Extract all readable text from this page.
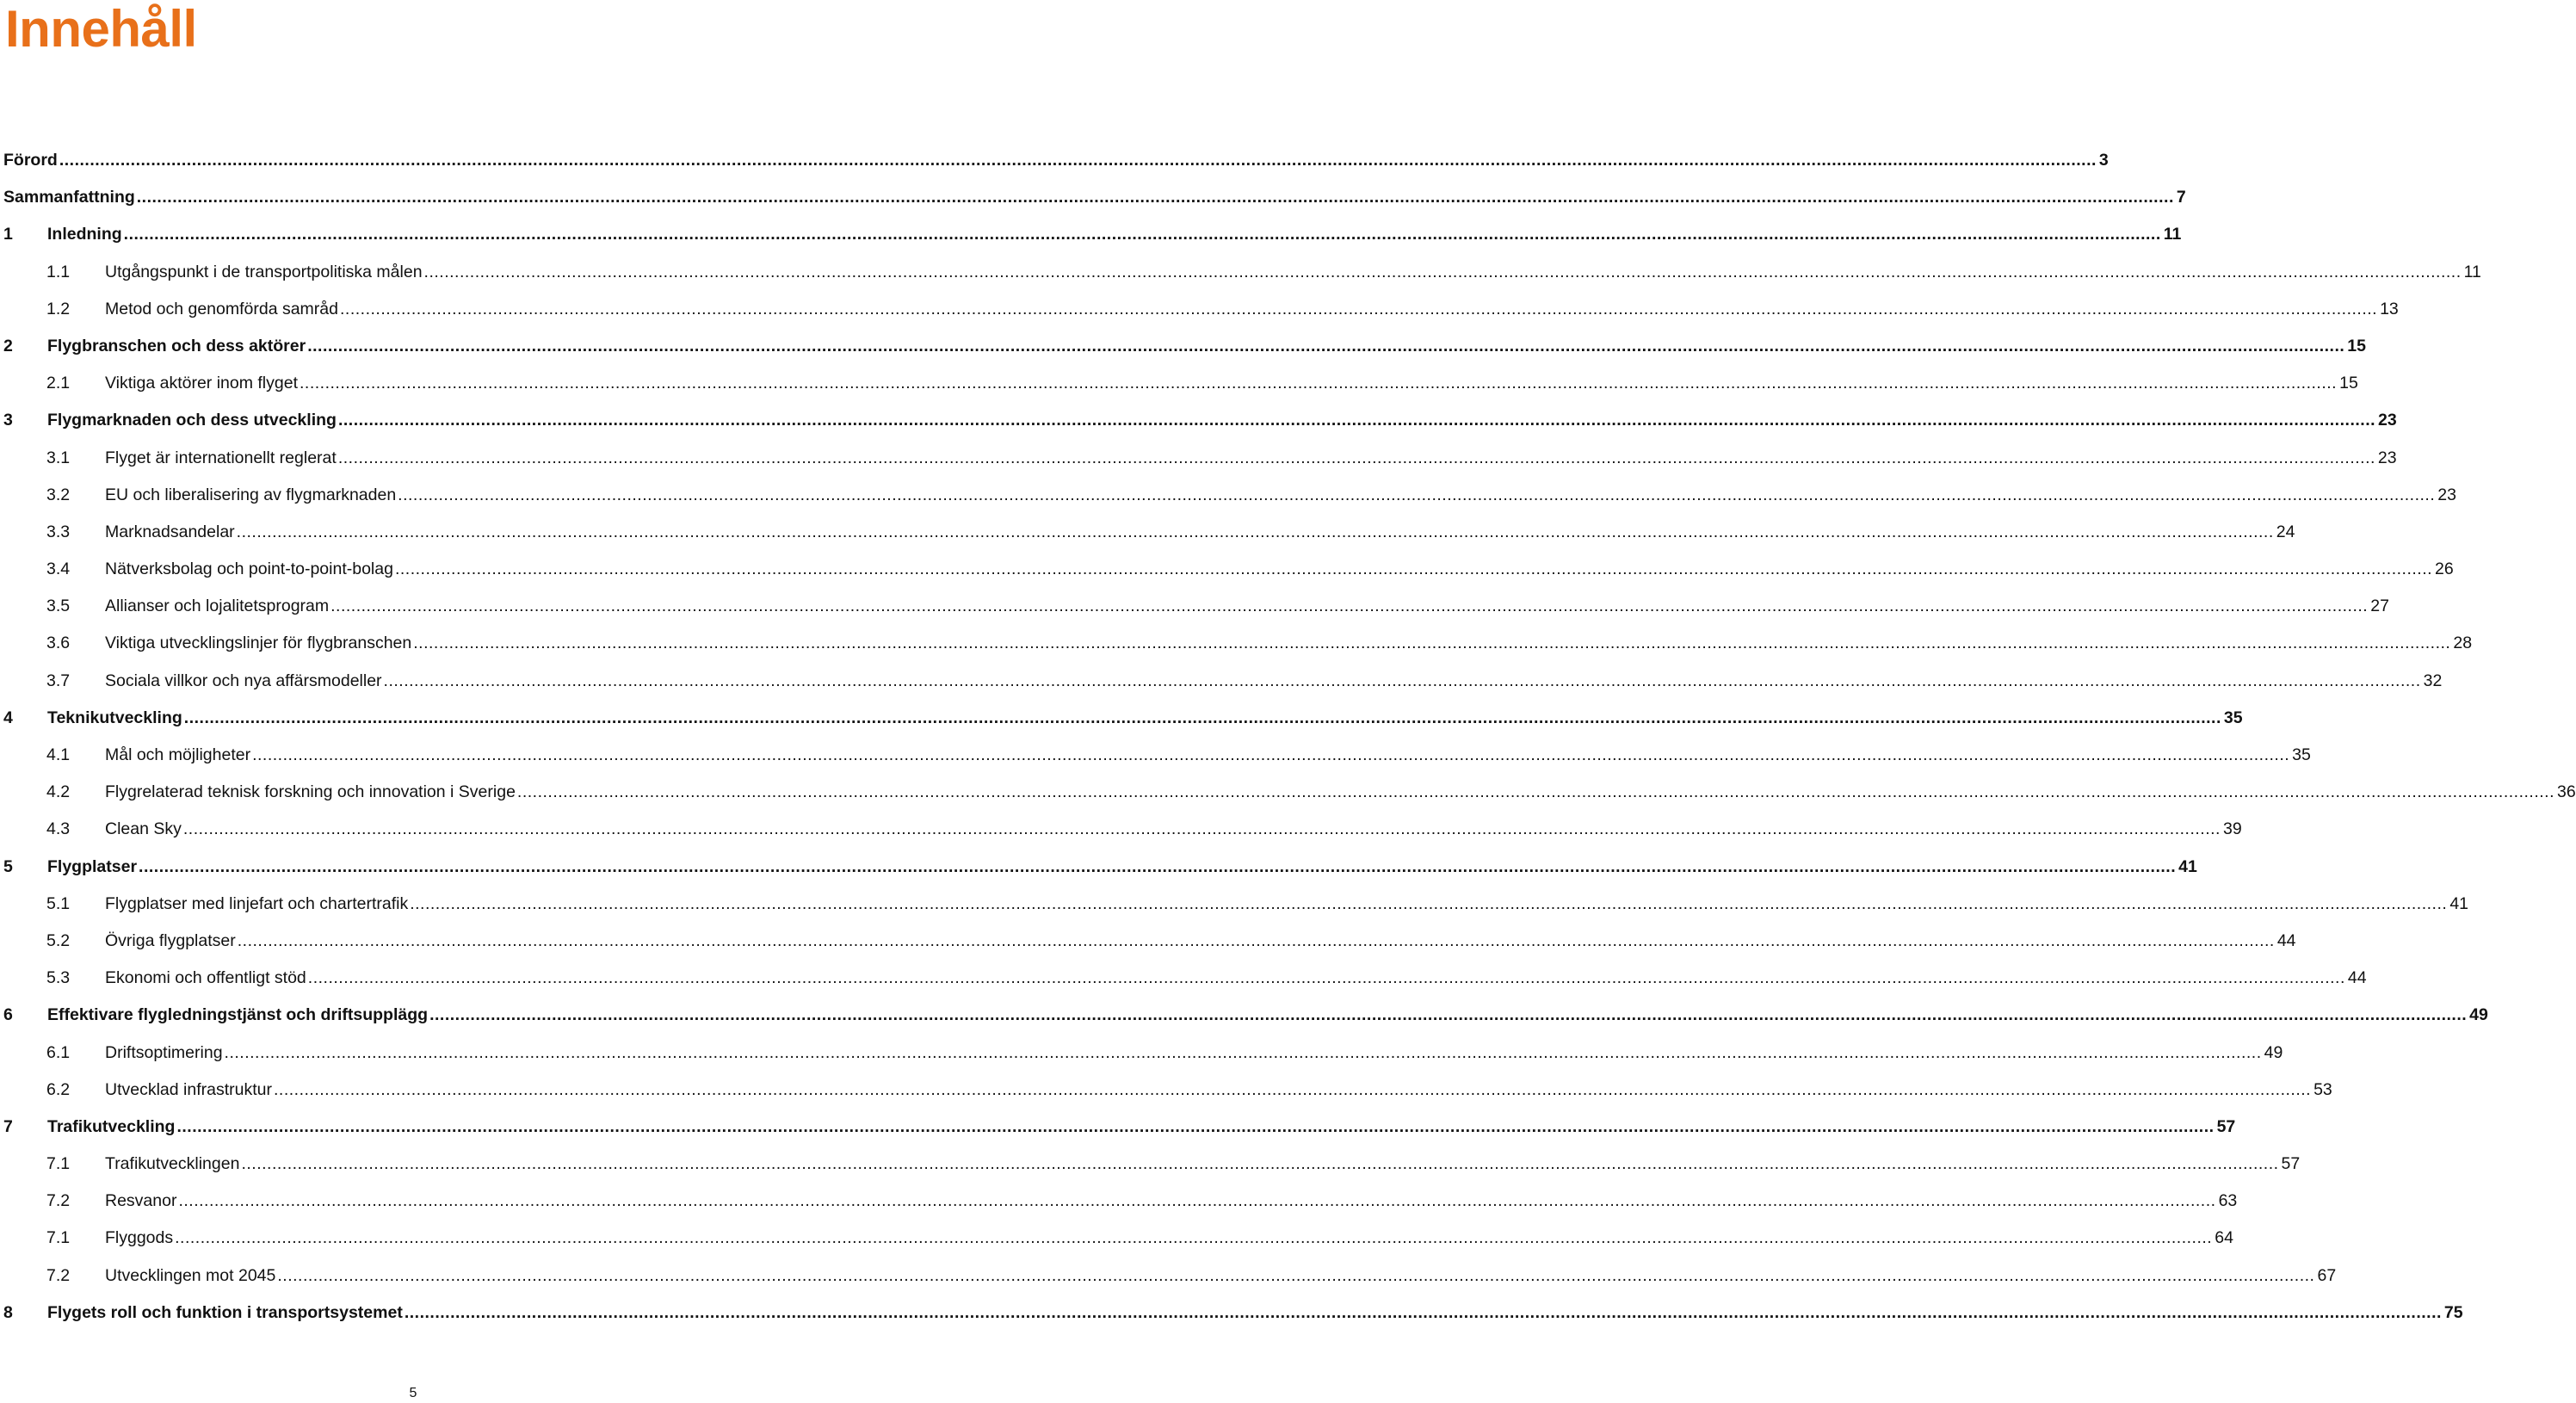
Innehåll
Förord ................................................................................................................................................................................................................................................................................................................................................................................................................ 3
Sammanfattning ................................................................................................................................................................................................................................................................................................................................................................................................................ 7
1 Inledning ................................................................................................................................................................................................................................................................................................................................................................................................................ 11
1.1 Utgångspunkt i de transportpolitiska målen ................................................................................................................................................................................................................................................................................................................................................................................................................ 11
1.2 Metod och genomförda samråd ................................................................................................................................................................................................................................................................................................................................................................................................................ 13
2 Flygbranschen och dess aktörer ................................................................................................................................................................................................................................................................................................................................................................................................................ 15
2.1 Viktiga aktörer inom flyget ................................................................................................................................................................................................................................................................................................................................................................................................................ 15
3 Flygmarknaden och dess utveckling ................................................................................................................................................................................................................................................................................................................................................................................................................ 23
3.1 Flyget är internationellt reglerat ................................................................................................................................................................................................................................................................................................................................................................................................................ 23
3.2 EU och liberalisering av flygmarknaden ................................................................................................................................................................................................................................................................................................................................................................................................................ 23
3.3 Marknadsandelar ................................................................................................................................................................................................................................................................................................................................................................................................................ 24
3.4 Nätverksbolag och point-to-point-bolag ................................................................................................................................................................................................................................................................................................................................................................................................................ 26
3.5 Allianser och lojalitetsprogram ................................................................................................................................................................................................................................................................................................................................................................................................................ 27
3.6 Viktiga utvecklingslinjer för flygbranschen ................................................................................................................................................................................................................................................................................................................................................................................................................ 28
3.7 Sociala villkor och nya affärsmodeller ................................................................................................................................................................................................................................................................................................................................................................................................................ 32
4 Teknikutveckling ................................................................................................................................................................................................................................................................................................................................................................................................................ 35
4.1 Mål och möjligheter ................................................................................................................................................................................................................................................................................................................................................................................................................ 35
4.2 Flygrelaterad teknisk forskning och innovation i Sverige ................................................................................................................................................................................................................................................................................................................................................................................................................ 36
4.3 Clean Sky ................................................................................................................................................................................................................................................................................................................................................................................................................ 39
5 Flygplatser ................................................................................................................................................................................................................................................................................................................................................................................................................ 41
5.1 Flygplatser med linjefart och chartertrafik ................................................................................................................................................................................................................................................................................................................................................................................................................ 41
5.2 Övriga flygplatser ................................................................................................................................................................................................................................................................................................................................................................................................................ 44
5.3 Ekonomi och offentligt stöd ................................................................................................................................................................................................................................................................................................................................................................................................................ 44
6 Effektivare flygledningstjänst och driftsupplägg ................................................................................................................................................................................................................................................................................................................................................................................................................ 49
6.1 Driftsoptimering ................................................................................................................................................................................................................................................................................................................................................................................................................ 49
6.2 Utvecklad infrastruktur ................................................................................................................................................................................................................................................................................................................................................................................................................ 53
7 Trafikutveckling ................................................................................................................................................................................................................................................................................................................................................................................................................ 57
7.1 Trafikutvecklingen ................................................................................................................................................................................................................................................................................................................................................................................................................ 57
7.2 Resvanor ................................................................................................................................................................................................................................................................................................................................................................................................................ 63
7.1 Flyggods ................................................................................................................................................................................................................................................................................................................................................................................................................ 64
7.2 Utvecklingen mot 2045 ................................................................................................................................................................................................................................................................................................................................................................................................................ 67
8 Flygets roll och funktion i transportsystemet ................................................................................................................................................................................................................................................................................................................................................................................................................ 75
5
